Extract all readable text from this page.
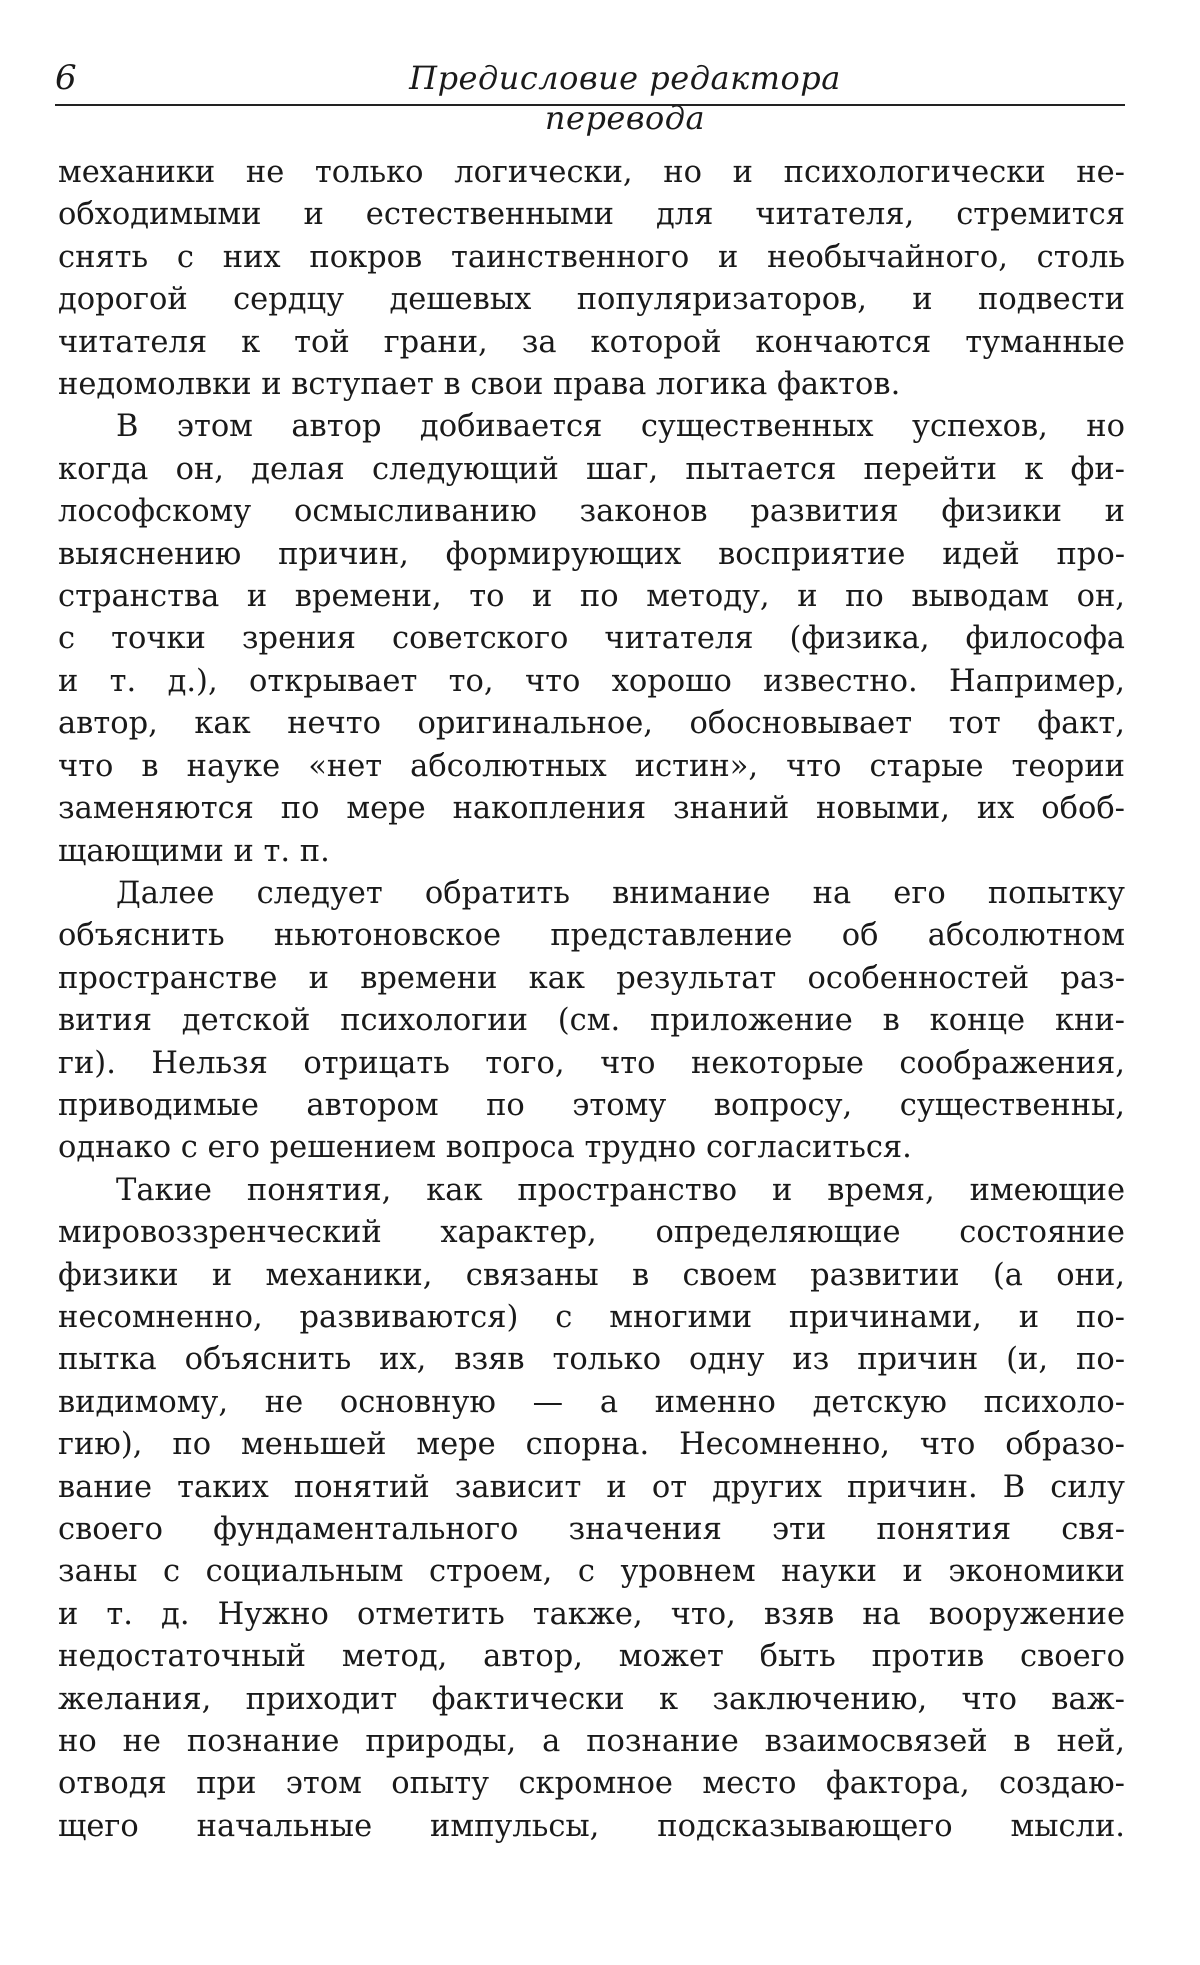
6	Предисловие редактора перевода

механики не только логически, но и психологически не-
обходимыми и естественными для читателя, стремится
снять с них покров таинственного и необычайного, столь
дорогой сердцу дешевых популяризаторов, и подвести
читателя к той грани, за которой кончаются туманные
недомолвки и вступает в свои права логика фактов.

В этом автор добивается существенных успехов, но
когда он, делая следующий шаг, пытается перейти к фи-
лософскому осмысливанию законов развития физики и
выяснению причин, формирующих восприятие идей про-
странства и времени, то и по методу, и по выводам он,
с точки зрения советского читателя (физика, философа
и т. д.), открывает то, что хорошо известно. Например,
автор, как нечто оригинальное, обосновывает тот факт,
что в науке «нет абсолютных истин», что старые теории
заменяются по мере накопления знаний новыми, их обоб-
щающими и т. п.

Далее следует обратить внимание на его попытку
объяснить ньютоновское представление об абсолютном
пространстве и времени как результат особенностей раз-
вития детской психологии (см. приложение в конце кни-
ги). Нельзя отрицать того, что некоторые соображения,
приводимые автором по этому вопросу, существенны,
однако с его решением вопроса трудно согласиться.

Такие понятия, как пространство и время, имеющие
мировоззренческий характер, определяющие состояние
физики и механики, связаны в своем развитии (а они,
несомненно, развиваются) с многими причинами, и по-
пытка объяснить их, взяв только одну из причин (и, по-
видимому, не основную — а именно детскую психоло-
гию), по меньшей мере спорна. Несомненно, что образо-
вание таких понятий зависит и от других причин. В силу
своего фундаментального значения эти понятия свя-
заны с социальным строем, с уровнем науки и экономики
и т. д. Нужно отметить также, что, взяв на вооружение
недостаточный метод, автор, может быть против своего
желания, приходит фактически к заключению, что важ-
но не познание природы, а познание взаимосвязей в ней,
отводя при этом опыту скромное место фактора, создаю-
щего начальные импульсы, подсказывающего мысли.
